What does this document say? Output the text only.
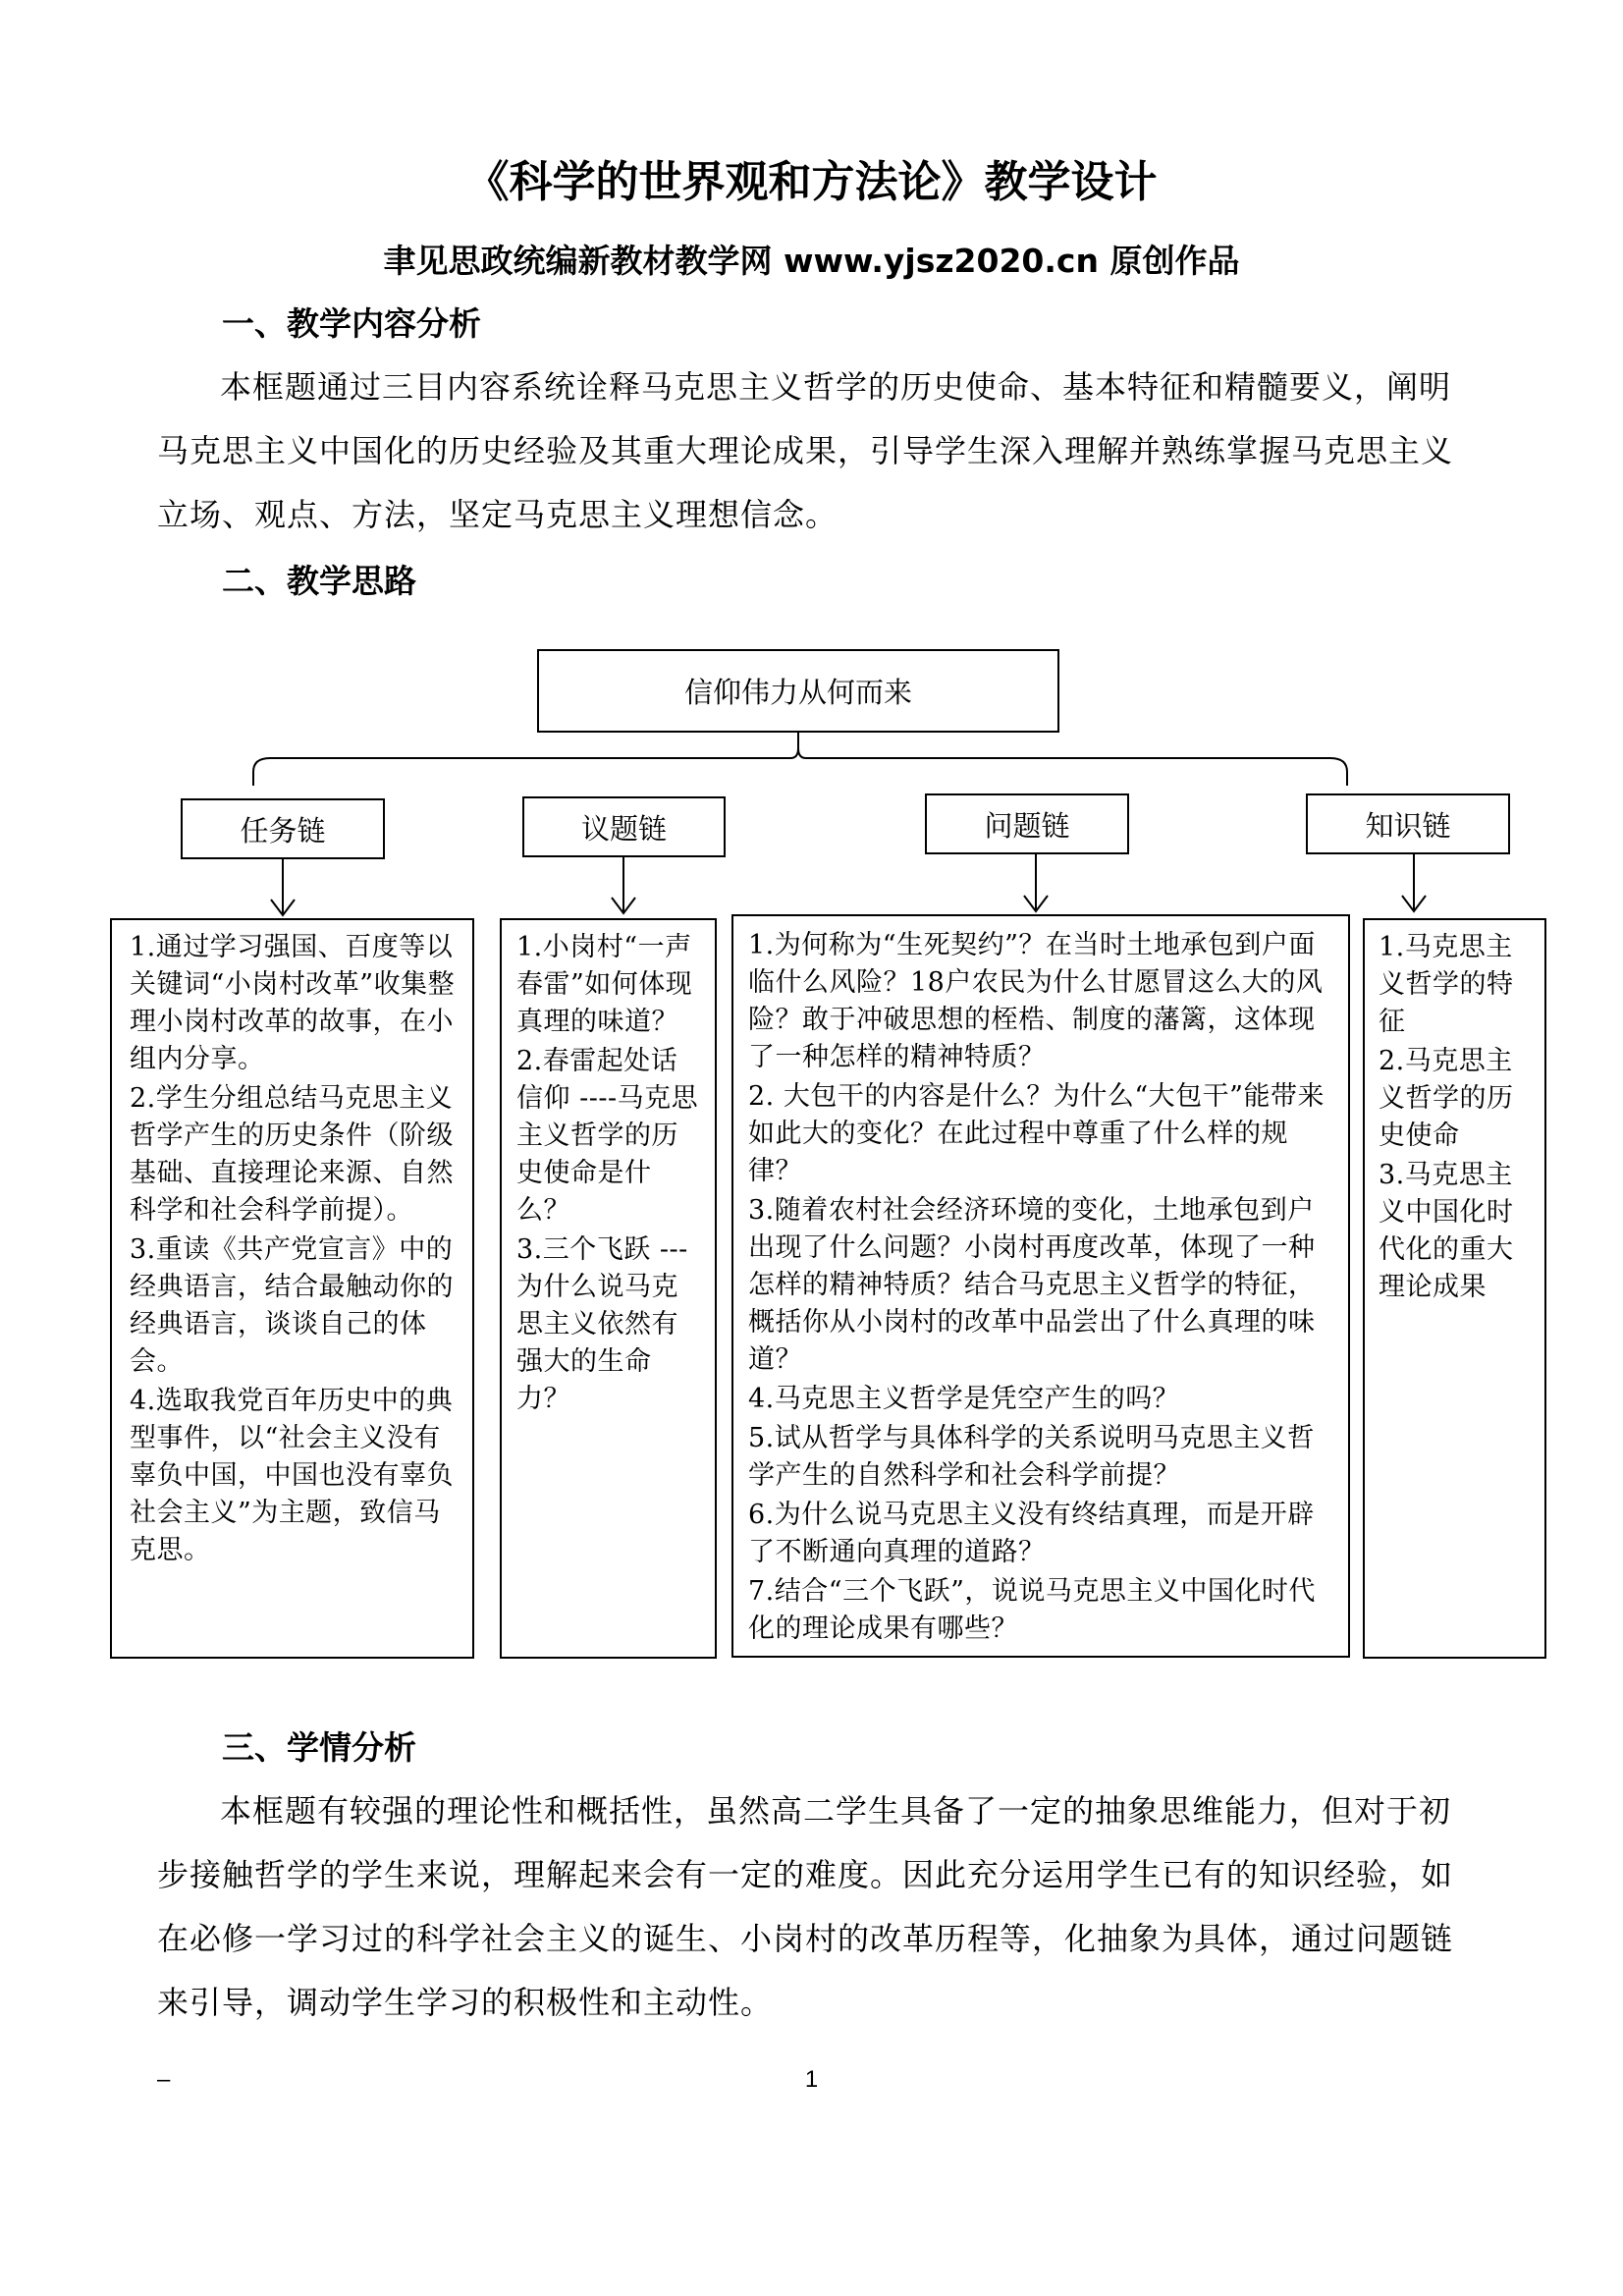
《科学的世界观和方法论》教学设计
聿见思政统编新教材教学网 www.yjsz2020.cn 原创作品
一、教学内容分析
本框题通过三目内容系统诠释马克思主义哲学的历史使命、基本特征和精髓要义，阐明马克思主义中国化的历史经验及其重大理论成果，引导学生深入理解并熟练掌握马克思主义立场、观点、方法，坚定马克思主义理想信念。
二、教学思路
信仰伟力从何而来
任务链	议题链	问题链	知识链

1.通过学习强国、百度等以关键词“小岗村改革”收集整理小岗村改革的故事，在小组内分享。

2.学生分组总结马克思主义哲学产生的历史条件（阶级基础、直接理论来源、自然科学和社会科学前提）。

3.重读《共产党宣言》中的经典语言，结合最触动你的经典语言，谈谈自己的体会。

4.选取我党百年历史中的典型事件，以“社会主义没有辜负中国，中国也没有辜负社会主义”为主题，致信马克思。

1.小岗村“一声春雷”如何体现真理的味道？

2.春雷起处话信仰 ----马克思主义哲学的历史使命是什么？

3.三个飞跃 ---为什么说马克思主义依然有强大的生命力？

1.为何称为“生死契约”？在当时土地承包到户面临什么风险？18户农民为什么甘愿冒这么大的风险？敢于冲破思想的桎梏、制度的藩篱，这体现了一种怎样的精神特质？

2. 大包干的内容是什么？为什么“大包干”能带来如此大的变化？在此过程中尊重了什么样的规律？

3.随着农村社会经济环境的变化，土地承包到户出现了什么问题？小岗村再度改革，体现了一种怎样的精神特质？结合马克思主义哲学的特征，概括你从小岗村的改革中品尝出了什么真理的味道？

4.马克思主义哲学是凭空产生的吗？

5.试从哲学与具体科学的关系说明马克思主义哲学产生的自然科学和社会科学前提？

6.为什么说马克思主义没有终结真理，而是开辟了不断通向真理的道路？

7.结合“三个飞跃”，说说马克思主义中国化时代化的理论成果有哪些？

1.马克思主义哲学的特征

2.马克思主义哲学的历史使命

3.马克思主义中国化时代化的重大理论成果

三、学情分析
本框题有较强的理论性和概括性，虽然高二学生具备了一定的抽象思维能力，但对于初步接触哲学的学生来说，理解起来会有一定的难度。因此充分运用学生已有的知识经验，如在必修一学习过的科学社会主义的诞生、小岗村的改革历程等，化抽象为具体，通过问题链来引导，调动学生学习的积极性和主动性。
–	1
